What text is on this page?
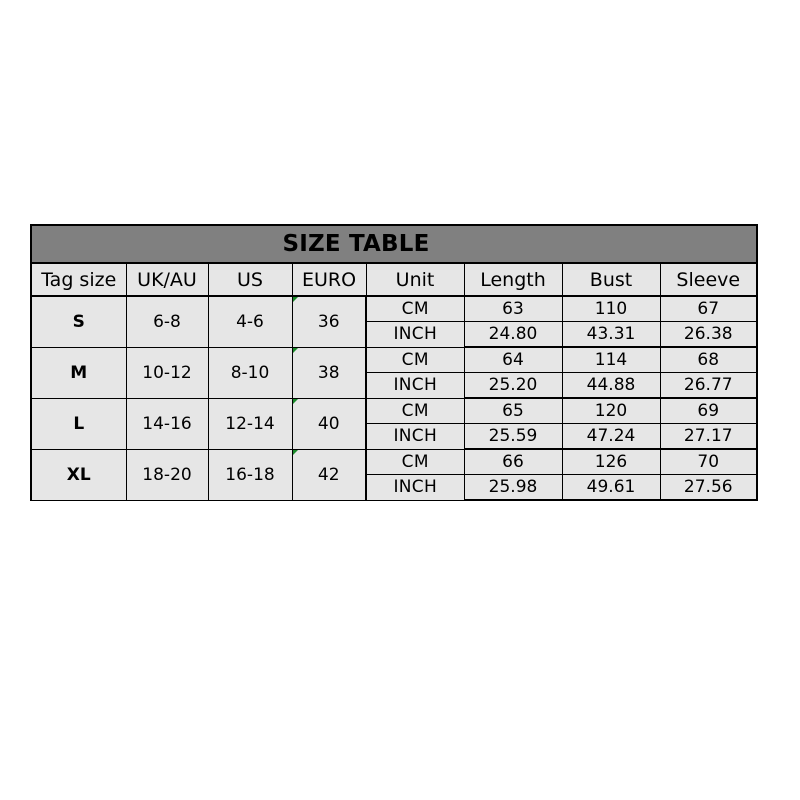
SIZE TABLE							
Tag size	UK/AU	US	EURO	Unit	Length	Bust	Sleeve
S	6-8	4-6	36	CM	63	110	67
				INCH	24.80	43.31	26.38
M	10-12	8-10	38	CM	64	114	68
				INCH	25.20	44.88	26.77
L	14-16	12-14	40	CM	65	120	69
				INCH	25.59	47.24	27.17
XL	18-20	16-18	42	CM	66	126	70
				INCH	25.98	49.61	27.56
